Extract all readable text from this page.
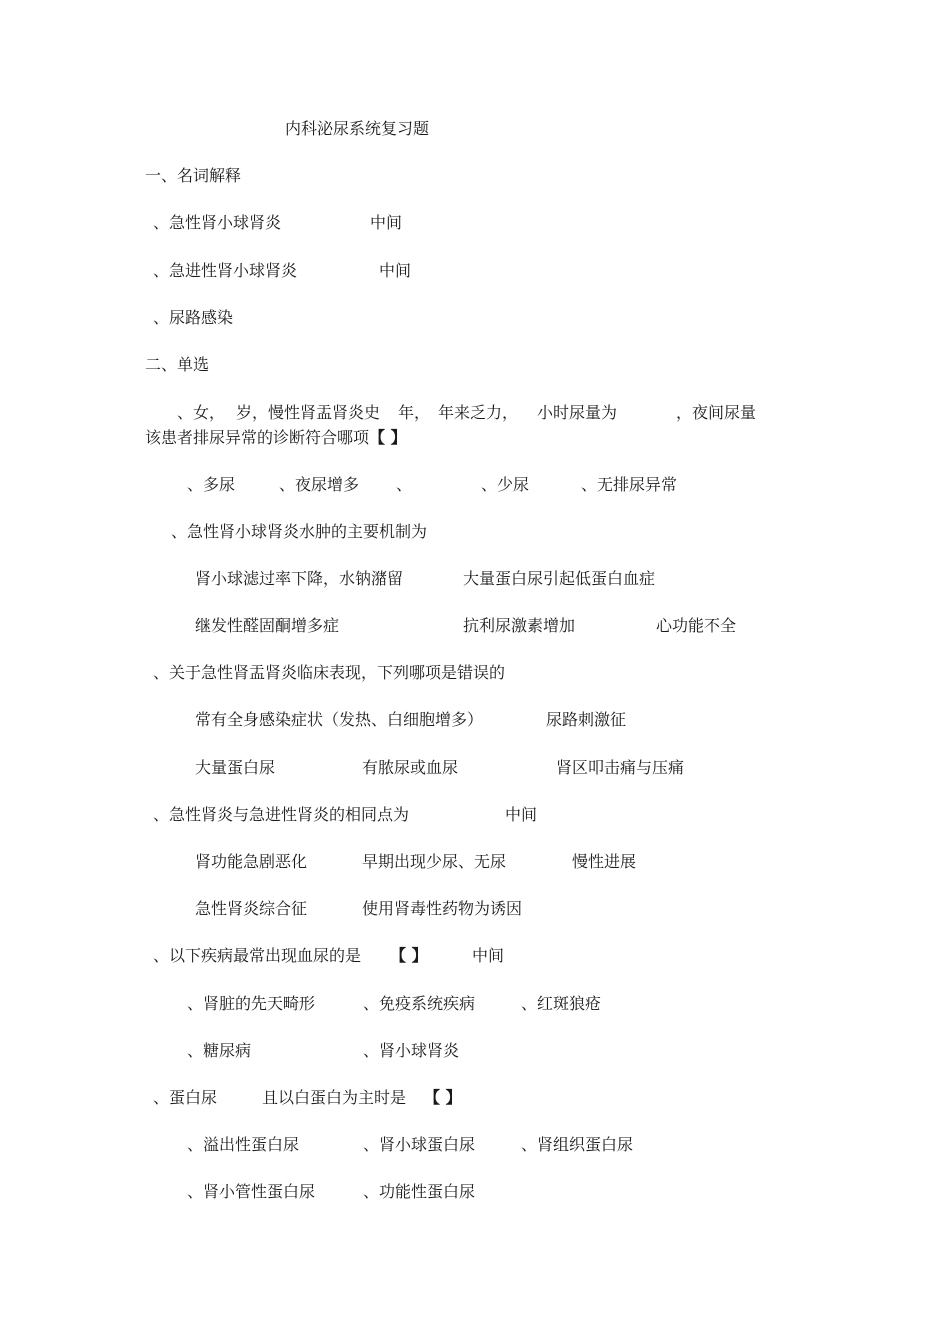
内科泌尿系统复习题
一、名词解释
、急性肾小球肾炎	中间
、急进性肾小球肾炎	中间
、尿路感染
二、单选
、女， 岁，慢性肾盂肾炎史 年， 年来乏力， 小时尿量为	，夜间尿量
该患者排尿异常的诊断符合哪项【 】
、多尿	、夜尿增多 、	、少尿	、无排尿异常
、急性肾小球肾炎水肿的主要机制为
肾小球滤过率下降，水钠潴留	大量蛋白尿引起低蛋白血症
继发性醛固酮增多症	抗利尿激素增加	心功能不全
、关于急性肾盂肾炎临床表现，下列哪项是错误的
常有全身感染症状（发热、白细胞增多）	尿路刺激征
大量蛋白尿	有脓尿或血尿	肾区叩击痛与压痛
、急性肾炎与急进性肾炎的相同点为	中间
肾功能急剧恶化	早期出现少尿、无尿	慢性进展
急性肾炎综合征	使用肾毒性药物为诱因
、以下疾病最常出现血尿的是 【 】	中间
、肾脏的先天畸形	、免疫系统疾病	、红斑狼疮
、糖尿病	、肾小球肾炎
、蛋白尿	且以白蛋白为主时是 【 】
、溢出性蛋白尿	、肾小球蛋白尿	、肾组织蛋白尿
、肾小管性蛋白尿	、功能性蛋白尿
